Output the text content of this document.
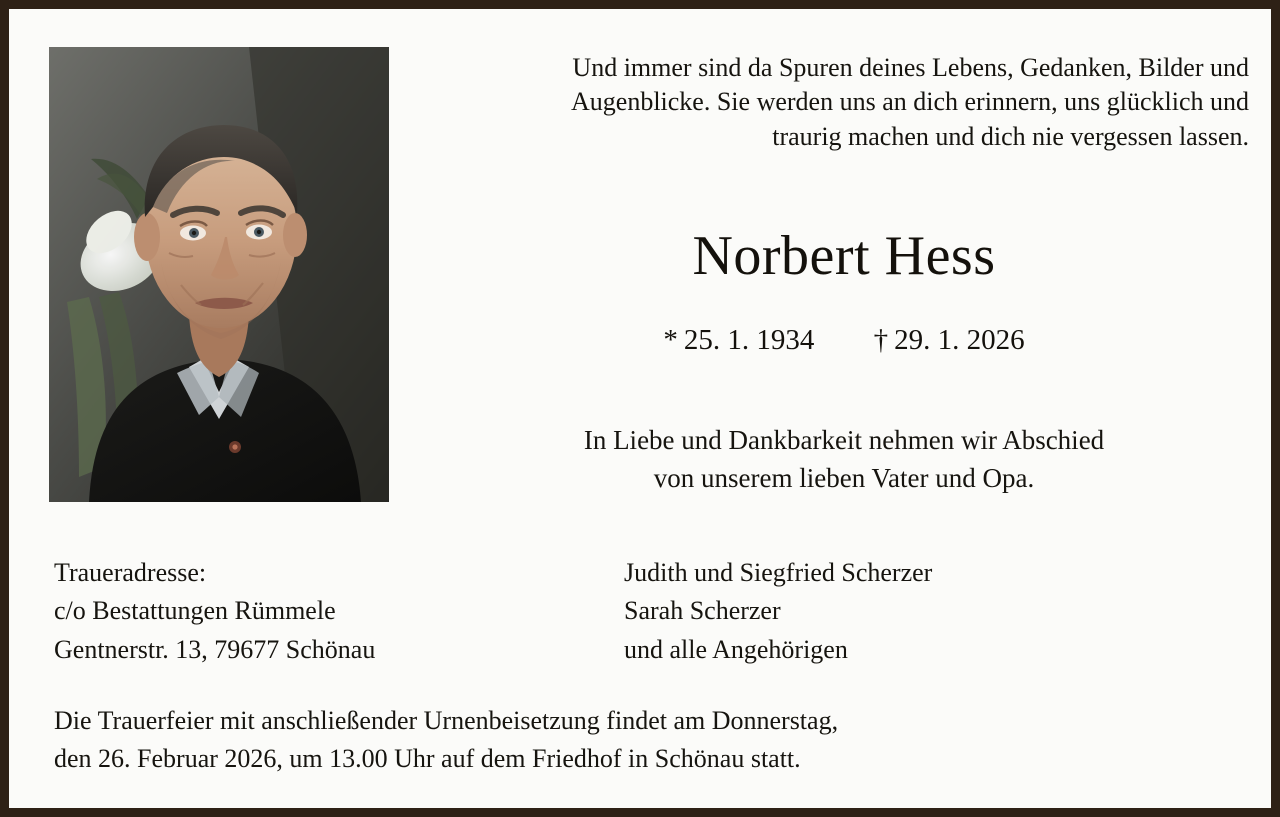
Und immer sind da Spuren deines Lebens, Gedanken, Bilder und
Augenblicke. Sie werden uns an dich erinnern, uns glücklich und
traurig machen und dich nie vergessen lassen.
Norbert Hess
* 25. 1. 1934 † 29. 1. 2026
In Liebe und Dankbarkeit nehmen wir Abschied
von unserem lieben Vater und Opa.
Traueradresse:
c/o Bestattungen Rümmele
Gentnerstr. 13, 79677 Schönau
Judith und Siegfried Scherzer
Sarah Scherzer
und alle Angehörigen
Die Trauerfeier mit anschließender Urnenbeisetzung findet am Donnerstag,
den 26. Februar 2026, um 13.00 Uhr auf dem Friedhof in Schönau statt.
